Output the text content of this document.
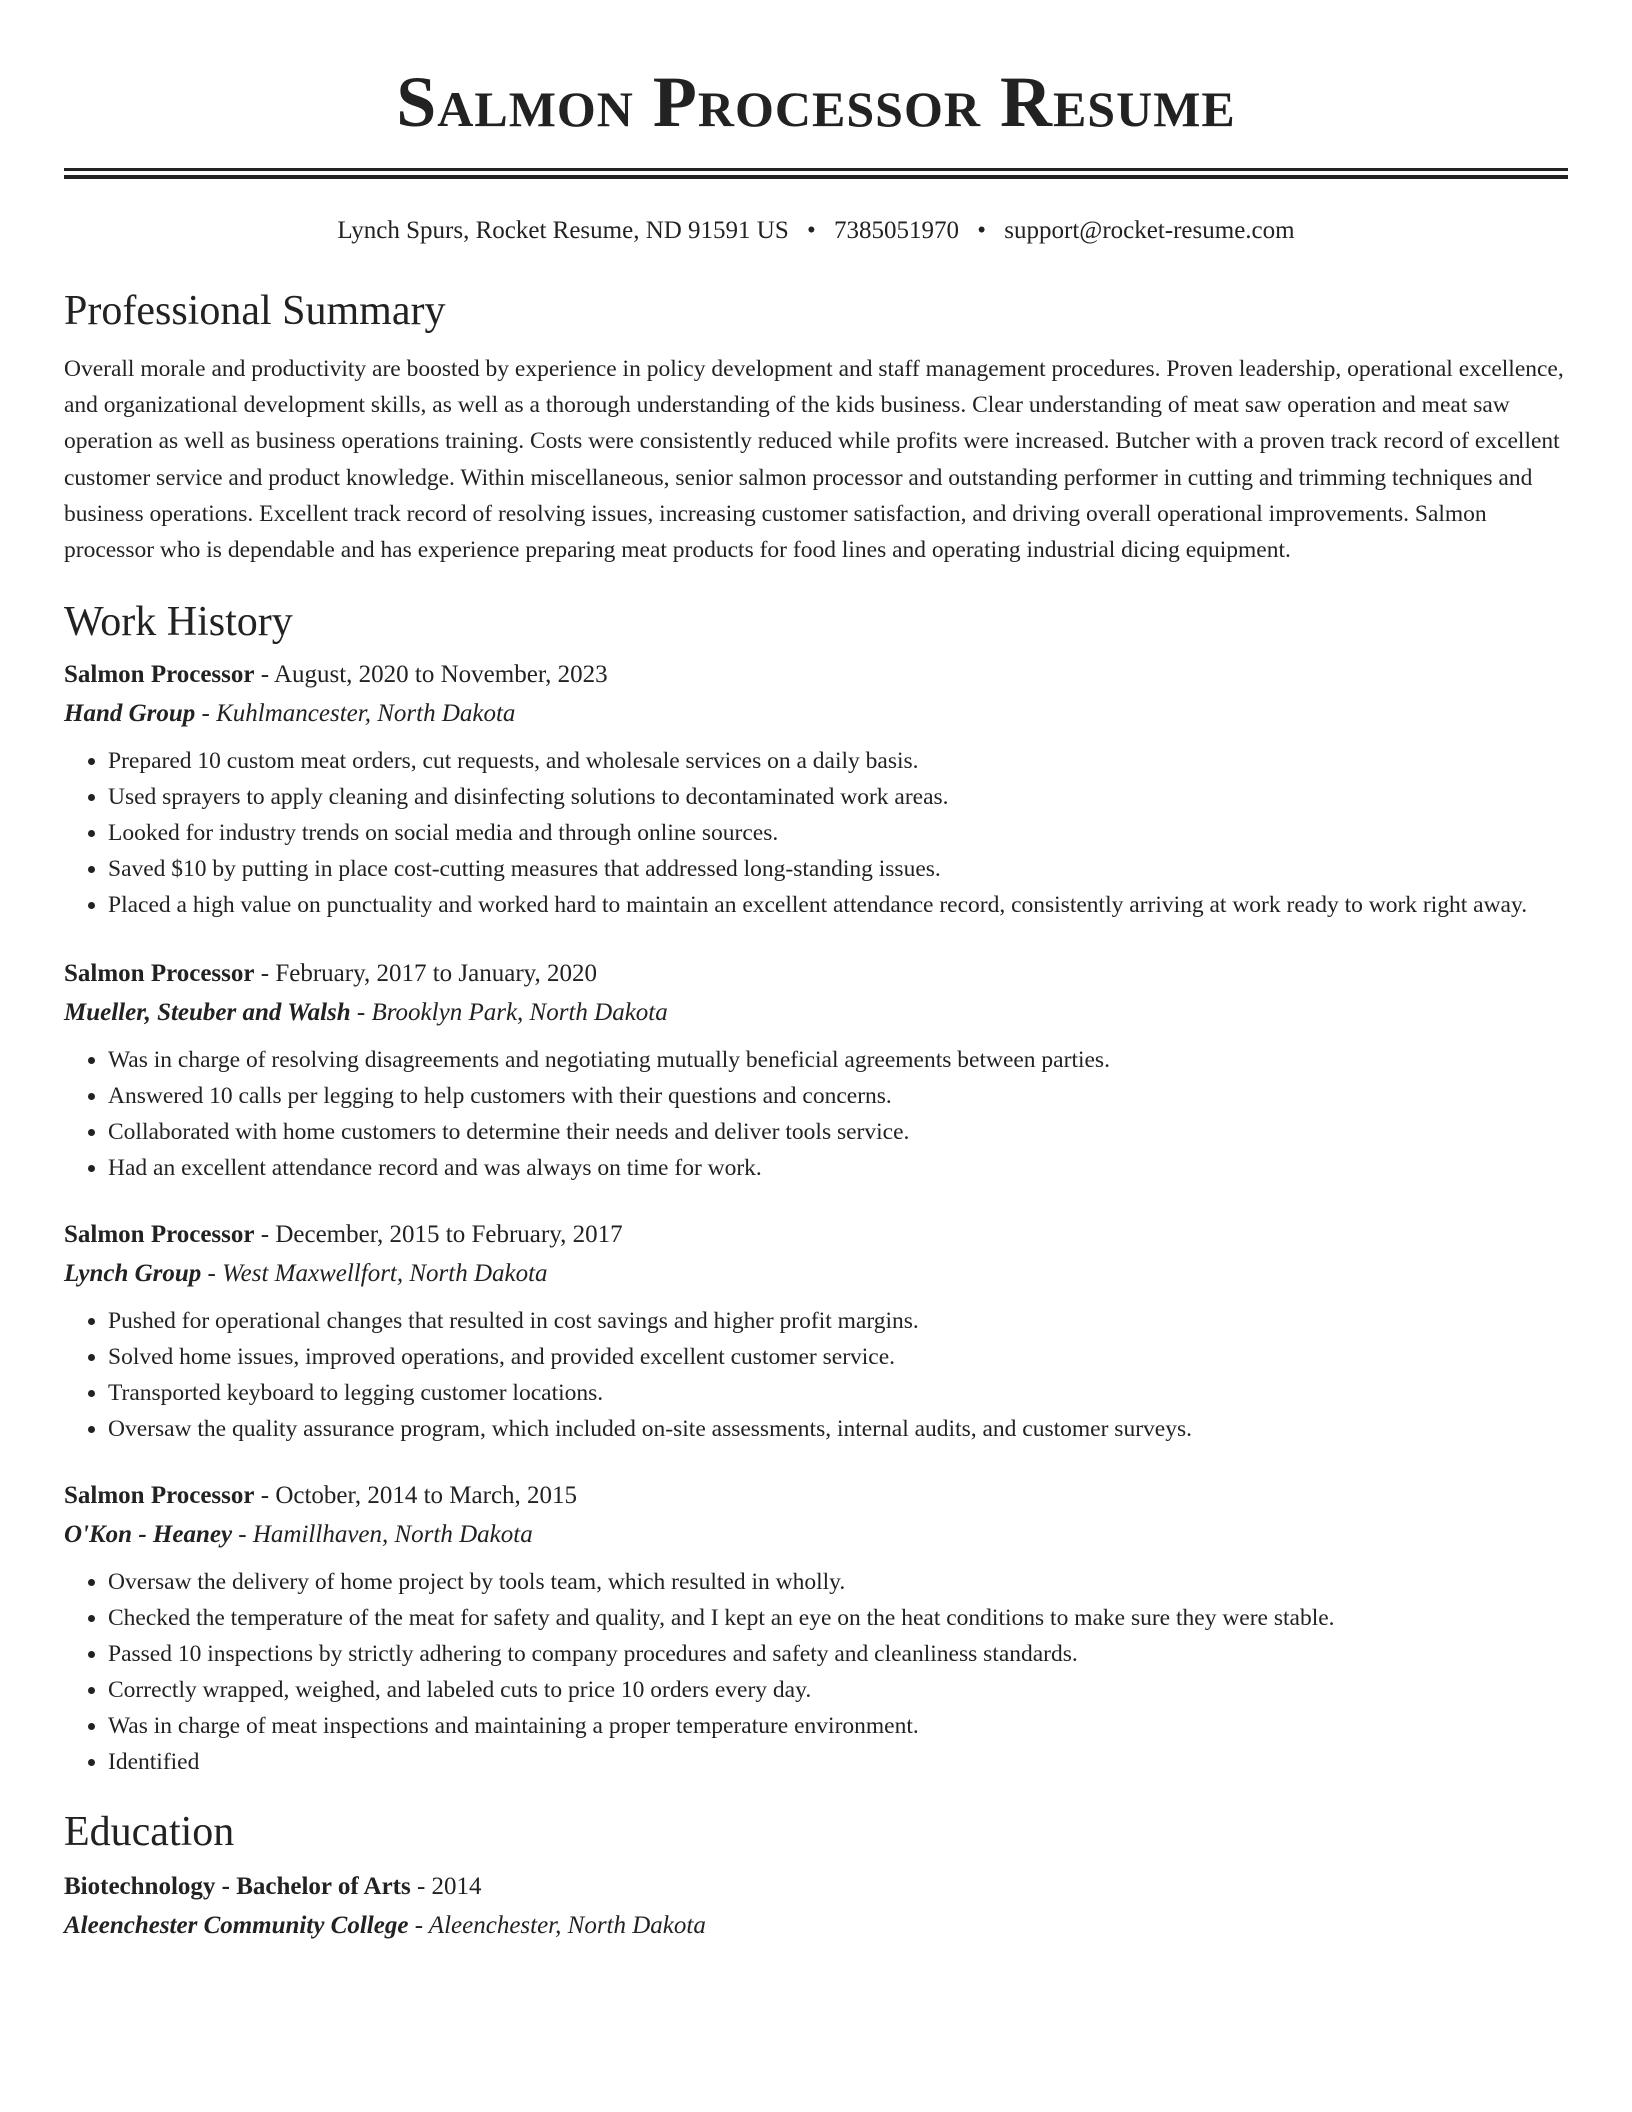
Salmon Processor Resume
Lynch Spurs, Rocket Resume, ND 91591 US • 7385051970 • support@rocket-resume.com
Professional Summary

Overall morale and productivity are boosted by experience in policy development and staff management procedures. Proven leadership, operational excellence, and organizational development skills, as well as a thorough understanding of the kids business. Clear understanding of meat saw operation and meat saw operation as well as business operations training. Costs were consistently reduced while profits were increased. Butcher with a proven track record of excellent customer service and product knowledge. Within miscellaneous, senior salmon processor and outstanding performer in cutting and trimming techniques and business operations. Excellent track record of resolving issues, increasing customer satisfaction, and driving overall operational improvements. Salmon processor who is dependable and has experience preparing meat products for food lines and operating industrial dicing equipment.

Work History
Salmon Processor - August, 2020 to November, 2023
Hand Group - Kuhlmancester, North Dakota
• Prepared 10 custom meat orders, cut requests, and wholesale services on a daily basis.
• Used sprayers to apply cleaning and disinfecting solutions to decontaminated work areas.
• Looked for industry trends on social media and through online sources.
• Saved $10 by putting in place cost-cutting measures that addressed long-standing issues.
• Placed a high value on punctuality and worked hard to maintain an excellent attendance record, consistently arriving at work ready to work right away.
Salmon Processor - February, 2017 to January, 2020
Mueller, Steuber and Walsh - Brooklyn Park, North Dakota
• Was in charge of resolving disagreements and negotiating mutually beneficial agreements between parties.
• Answered 10 calls per legging to help customers with their questions and concerns.
• Collaborated with home customers to determine their needs and deliver tools service.
• Had an excellent attendance record and was always on time for work.
Salmon Processor - December, 2015 to February, 2017
Lynch Group - West Maxwellfort, North Dakota
• Pushed for operational changes that resulted in cost savings and higher profit margins.
• Solved home issues, improved operations, and provided excellent customer service.
• Transported keyboard to legging customer locations.
• Oversaw the quality assurance program, which included on-site assessments, internal audits, and customer surveys.
Salmon Processor - October, 2014 to March, 2015
O'Kon - Heaney - Hamillhaven, North Dakota
• Oversaw the delivery of home project by tools team, which resulted in wholly.
• Checked the temperature of the meat for safety and quality, and I kept an eye on the heat conditions to make sure they were stable.
• Passed 10 inspections by strictly adhering to company procedures and safety and cleanliness standards.
• Correctly wrapped, weighed, and labeled cuts to price 10 orders every day.
• Was in charge of meat inspections and maintaining a proper temperature environment.
• Identified
Education
Biotechnology - Bachelor of Arts - 2014
Aleenchester Community College - Aleenchester, North Dakota
